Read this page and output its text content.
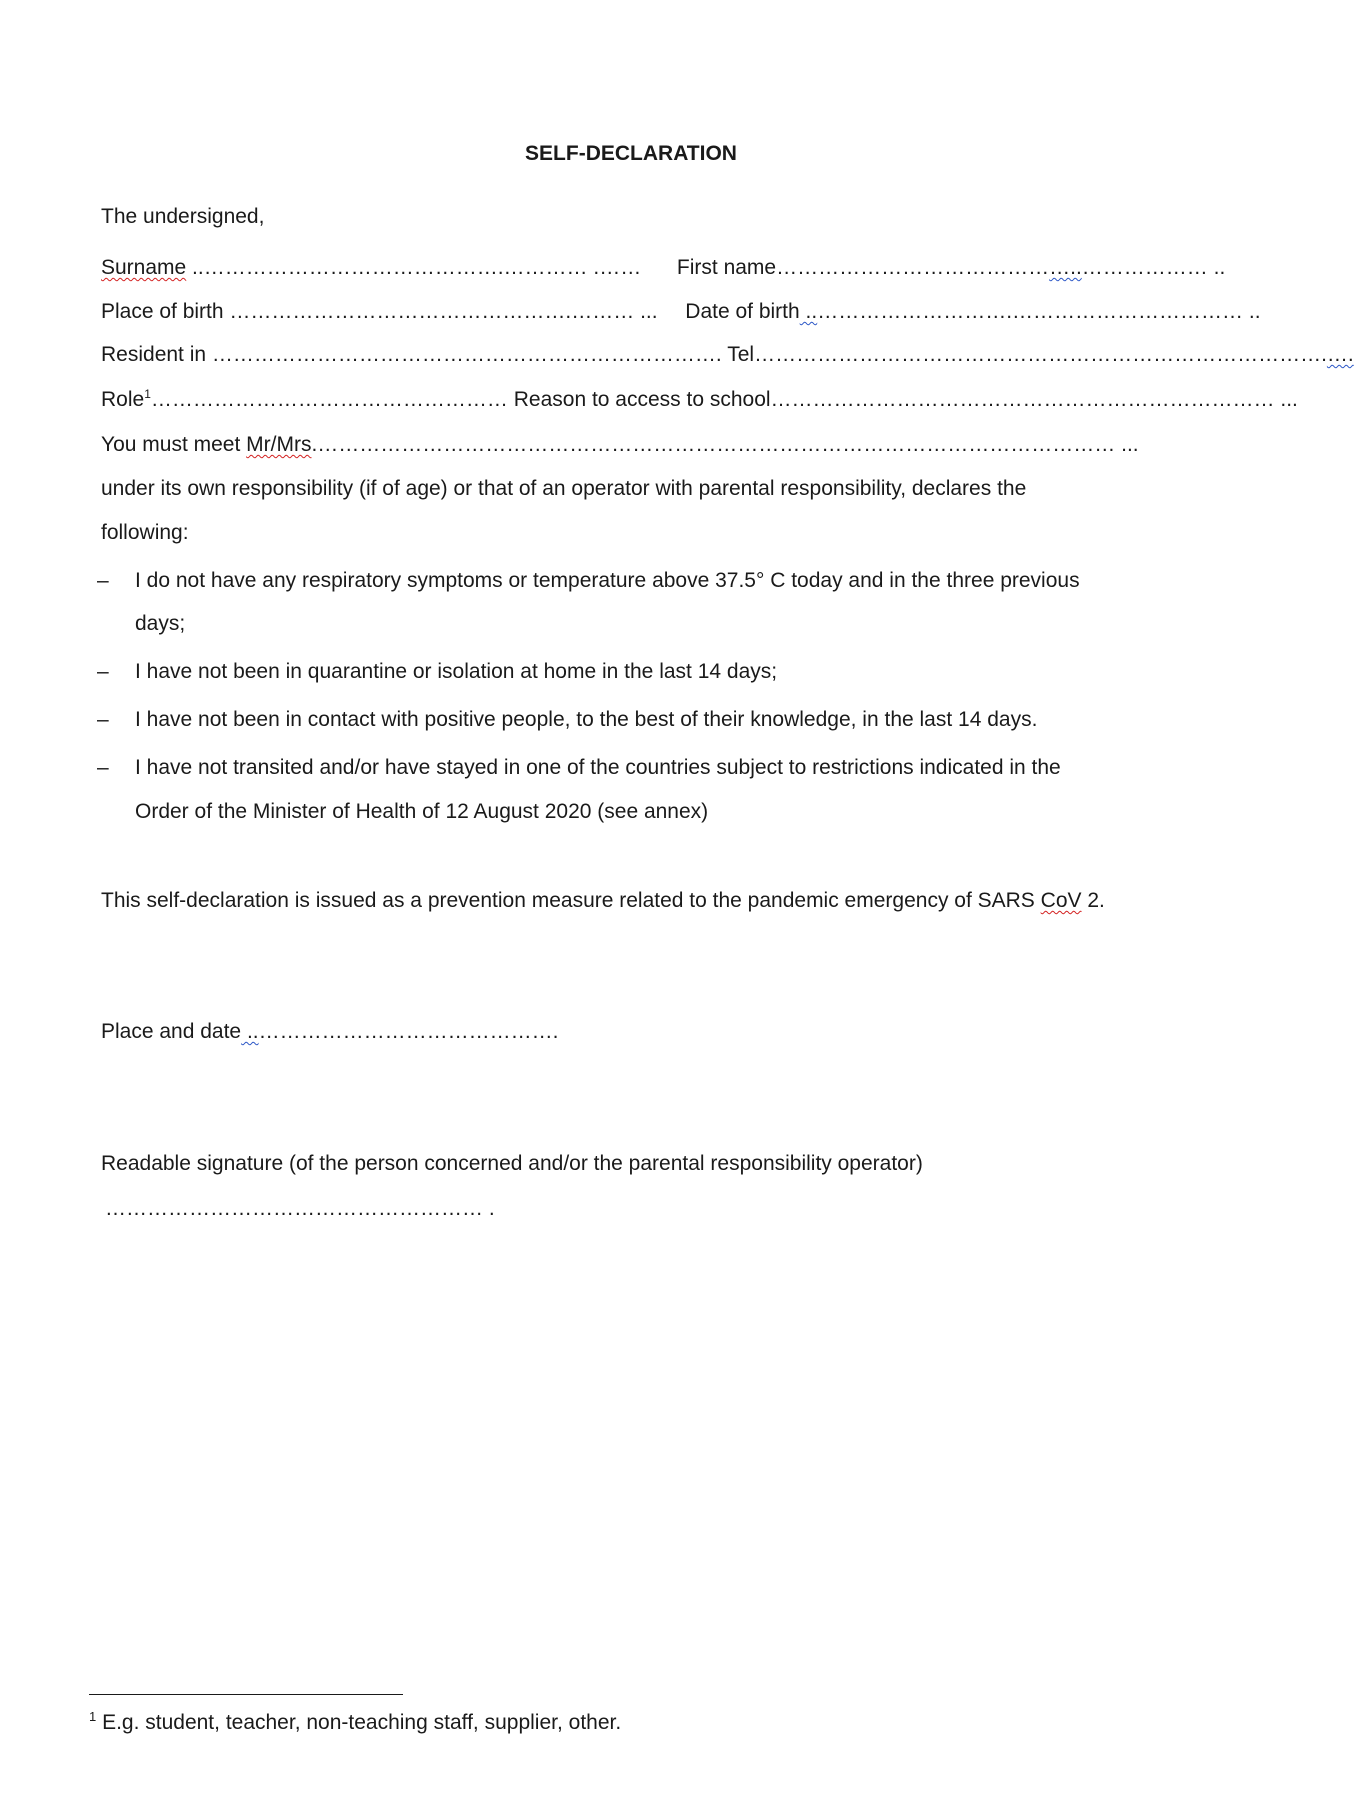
SELF-DECLARATION
The undersigned,
Surname ..…………………………………….………… .…… First name……………………………………..……………… ..
Place of birth ………………………………………….……… ... Date of birth ..……………………….…………………………… ..
Resident in ………………………………………………………………. Tel……………………………………………………………………….….
Role$^1$…………………………………………… Reason to access to school……………………………………………………………… ...
You must meet Mr/Mrs.…………………………………………………………………………………………………… ...
under its own responsibility (if of age) or that of an operator with parental responsibility, declares the
following:
– I do not have any respiratory symptoms or temperature above 37.5° C today and in the three previous
days;
– I have not been in quarantine or isolation at home in the last 14 days;
– I have not been in contact with positive people, to the best of their knowledge, in the last 14 days.
– I have not transited and/or have stayed in one of the countries subject to restrictions indicated in the
Order of the Minister of Health of 12 August 2020 (see annex)
This self-declaration is issued as a prevention measure related to the pandemic emergency of SARS CoV 2.
Place and date ..…………………………………….
Readable signature (of the person concerned and/or the parental responsibility operator)
……………………………………………… .
$^1$ E.g. student, teacher, non-teaching staff, supplier, other.
